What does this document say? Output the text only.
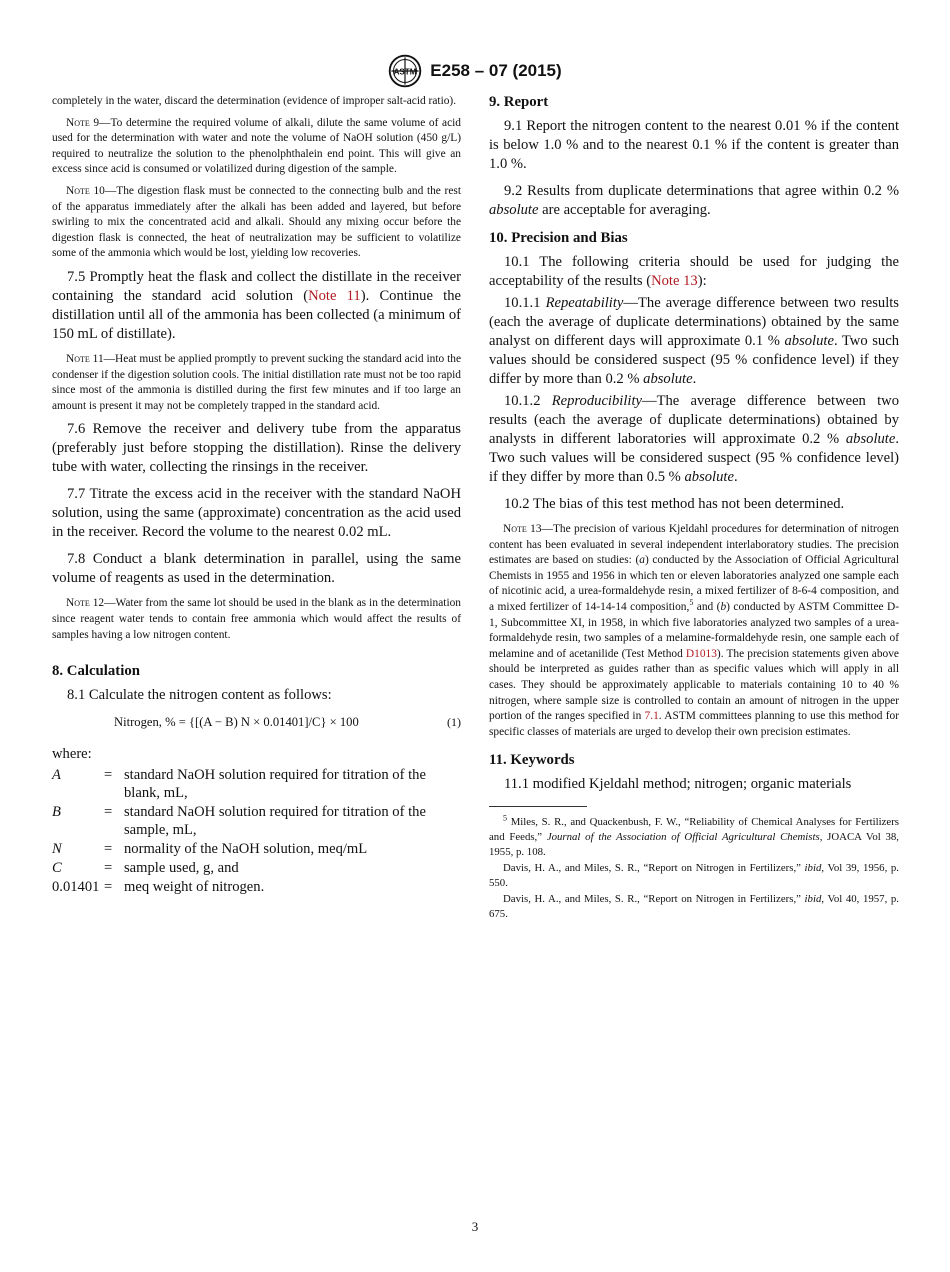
ASTM E258 – 07 (2015)

completely in the water, discard the determination (evidence of improper salt-acid ratio).

Note 9—To determine the required volume of alkali, dilute the same volume of acid used for the determination with water and note the volume of NaOH solution (450 g/L) required to neutralize the solution to the phenolphthalein end point. This will give an excess since acid is consumed or volatilized during digestion of the sample.

Note 10—The digestion flask must be connected to the connecting bulb and the rest of the apparatus immediately after the alkali has been added and layered, but before swirling to mix the concentrated acid and alkali. Should any mixing occur before the digestion flask is connected, the heat of neutralization may be sufficient to volatilize some of the ammonia which would be lost, yielding low recoveries.

7.5 Promptly heat the flask and collect the distillate in the receiver containing the standard acid solution (Note 11). Continue the distillation until all of the ammonia has been collected (a minimum of 150 mL of distillate).

Note 11—Heat must be applied promptly to prevent sucking the standard acid into the condenser if the digestion solution cools. The initial distillation rate must not be too rapid since most of the ammonia is distilled during the first few minutes and if too large an amount is present it may not be completely trapped in the standard acid.

7.6 Remove the receiver and delivery tube from the apparatus (preferably just before stopping the distillation). Rinse the delivery tube with water, collecting the rinsings in the receiver.

7.7 Titrate the excess acid in the receiver with the standard NaOH solution, using the same (approximate) concentration as the acid used in the receiver. Record the volume to the nearest 0.02 mL.

7.8 Conduct a blank determination in parallel, using the same volume of reagents as used in the determination.

Note 12—Water from the same lot should be used in the blank as in the determination since reagent water tends to contain free ammonia which would affect the results of samples having a low nitrogen content.

8. Calculation

8.1 Calculate the nitrogen content as follows:

Nitrogen, % = {[(A − B) N × 0.01401]/C} × 100	(1)

where:

A	= standard NaOH solution required for titration of the blank, mL,
B	= standard NaOH solution required for titration of the sample, mL,
N	= normality of the NaOH solution, meq/mL
C	= sample used, g, and
0.01401 = meq weight of nitrogen.
9. Report

9.1 Report the nitrogen content to the nearest 0.01 % if the content is below 1.0 % and to the nearest 0.1 % if the content is greater than 1.0 %.

9.2 Results from duplicate determinations that agree within 0.2 % absolute are acceptable for averaging.

10. Precision and Bias

10.1 The following criteria should be used for judging the acceptability of the results (Note 13):

10.1.1 Repeatability—The average difference between two results (each the average of duplicate determinations) obtained by the same analyst on different days will approximate 0.1 % absolute. Two such values should be considered suspect (95 % confidence level) if they differ by more than 0.2 % absolute.

10.1.2 Reproducibility—The average difference between two results (each the average of duplicate determinations) obtained by analysts in different laboratories will approximate 0.2 % absolute. Two such values will be considered suspect (95 % confidence level) if they differ by more than 0.5 % absolute.

10.2 The bias of this test method has not been determined.

Note 13—The precision of various Kjeldahl procedures for determination of nitrogen content has been evaluated in several independent interlaboratory studies. The precision estimates are based on studies: (a) conducted by the Association of Official Agricultural Chemists in 1955 and 1956 in which ten or eleven laboratories analyzed one sample each of nicotinic acid, a urea-formaldehyde resin, a mixed fertilizer of 8-6-4 composition, and a mixed fertilizer of 14-14-14 composition,$^5$ and (b) conducted by ASTM Committee D-1, Subcommittee XI, in 1958, in which five laboratories analyzed two samples of a urea-formaldehyde resin, two samples of a melamine-formaldehyde resin, one sample each of melamine and of acetanilide (Test Method D1013). The precision statements given above should be interpreted as guides rather than as specific values which will apply in all cases. They should be approximately applicable to materials containing 10 to 40 % nitrogen, where sample size is controlled to contain an amount of nitrogen in the upper portion of the ranges specified in 7.1. ASTM committees planning to use this method for specific classes of materials are urged to develop their own precision estimates.

11. Keywords

11.1 modified Kjeldahl method; nitrogen; organic materials

$^5$ Miles, S. R., and Quackenbush, F. W., “Reliability of Chemical Analyses for Fertilizers and Feeds,” Journal of the Association of Official Agricultural Chemists, JOACA Vol 38, 1955, p. 108.

Davis, H. A., and Miles, S. R., “Report on Nitrogen in Fertilizers,” ibid, Vol 39, 1956, p. 550.

Davis, H. A., and Miles, S. R., “Report on Nitrogen in Fertilizers,” ibid, Vol 40, 1957, p. 675.

3
